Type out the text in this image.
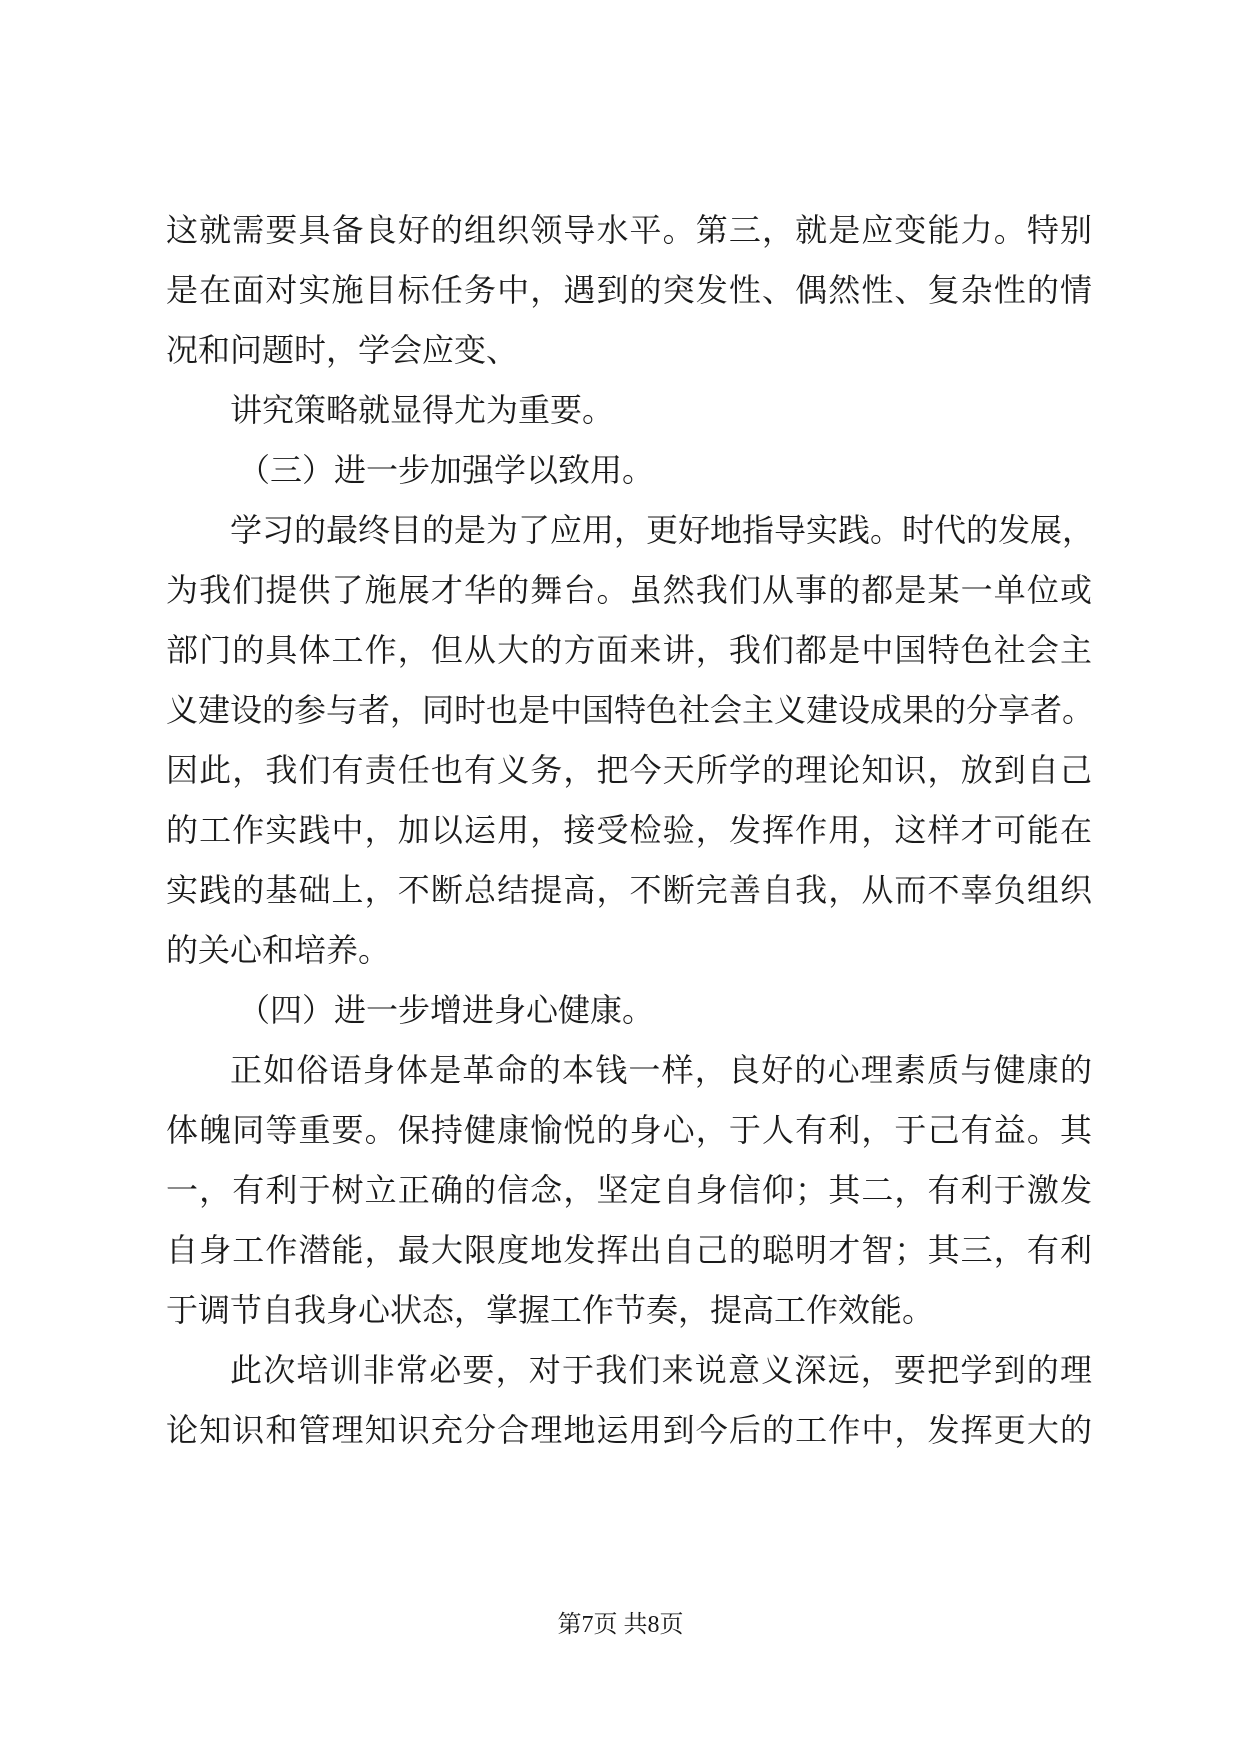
这就需要具备良好的组织领导水平。第三，就是应变能力。特别
是在面对实施目标任务中，遇到的突发性、偶然性、复杂性的情
况和问题时，学会应变、
讲究策略就显得尤为重要。
（三）进一步加强学以致用。
学习的最终目的是为了应用，更好地指导实践。时代的发展，
为我们提供了施展才华的舞台。虽然我们从事的都是某一单位或
部门的具体工作，但从大的方面来讲，我们都是中国特色社会主
义建设的参与者，同时也是中国特色社会主义建设成果的分享者。
因此，我们有责任也有义务，把今天所学的理论知识，放到自己
的工作实践中，加以运用，接受检验，发挥作用，这样才可能在
实践的基础上，不断总结提高，不断完善自我，从而不辜负组织
的关心和培养。
（四）进一步增进身心健康。
正如俗语身体是革命的本钱一样，良好的心理素质与健康的
体魄同等重要。保持健康愉悦的身心，于人有利，于己有益。其
一，有利于树立正确的信念，坚定自身信仰；其二，有利于激发
自身工作潜能，最大限度地发挥出自己的聪明才智；其三，有利
于调节自我身心状态，掌握工作节奏，提高工作效能。
此次培训非常必要，对于我们来说意义深远，要把学到的理
论知识和管理知识充分合理地运用到今后的工作中，发挥更大的
第7页 共8页
